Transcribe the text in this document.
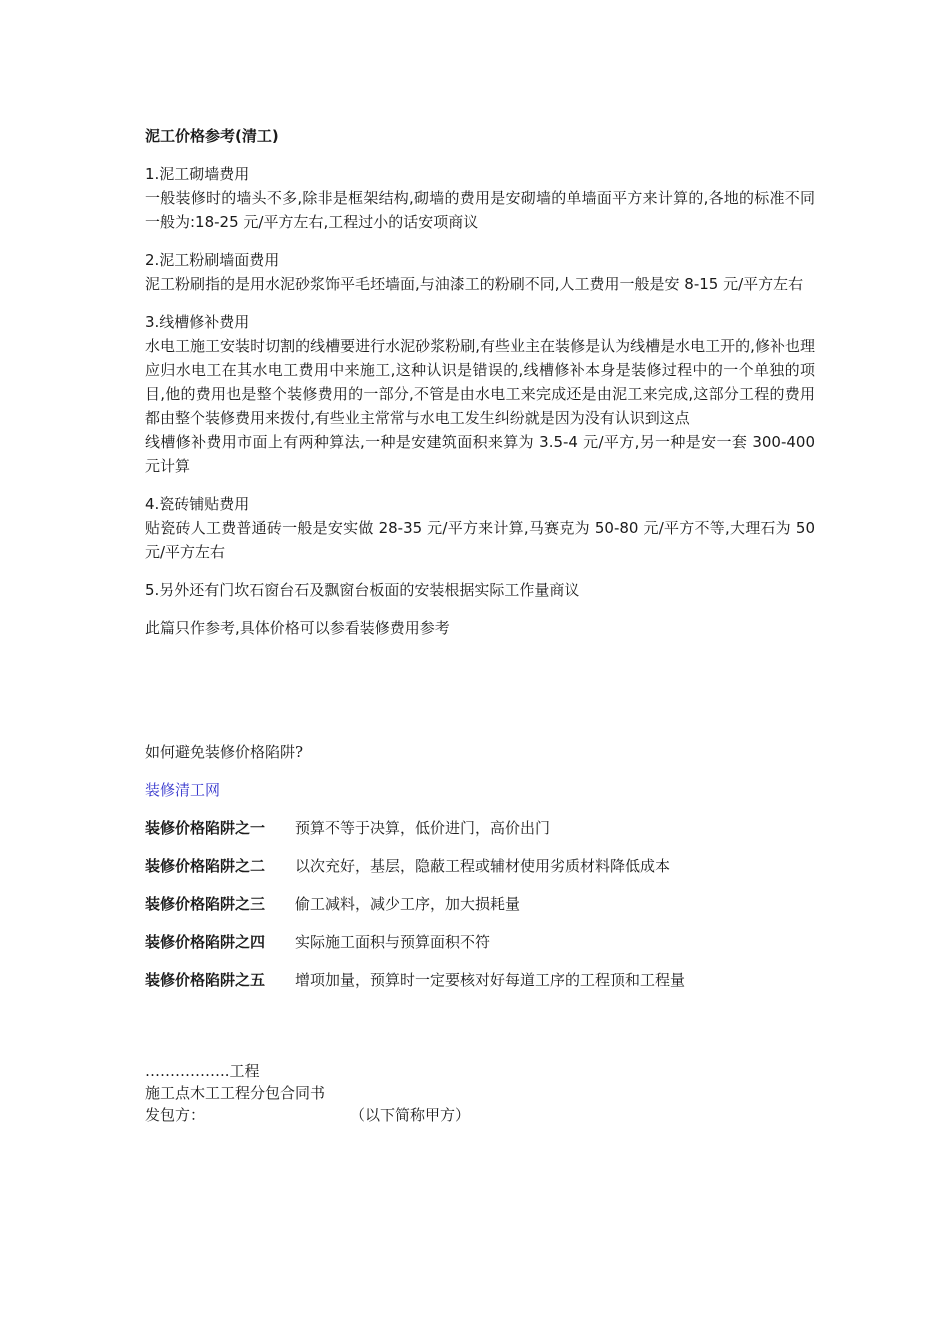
泥工价格参考(清工)
1.泥工砌墙费用
一般装修时的墙头不多,除非是框架结构,砌墙的费用是安砌墙的单墙面平方来计算的,各地的标准不同一般为:18-25 元/平方左右,工程过小的话安项商议
2.泥工粉刷墙面费用
泥工粉刷指的是用水泥砂浆饰平毛坯墙面,与油漆工的粉刷不同,人工费用一般是安 8-15 元/平方左右
3.线槽修补费用
水电工施工安装时切割的线槽要进行水泥砂浆粉刷,有些业主在装修是认为线槽是水电工开的,修补也理应归水电工在其水电工费用中来施工,这种认识是错误的,线槽修补本身是装修过程中的一个单独的项目,他的费用也是整个装修费用的一部分,不管是由水电工来完成还是由泥工来完成,这部分工程的费用都由整个装修费用来拨付,有些业主常常与水电工发生纠纷就是因为没有认识到这点
线槽修补费用市面上有两种算法,一种是安建筑面积来算为 3.5-4 元/平方,另一种是安一套 300-400 元计算
4.瓷砖铺贴费用
贴瓷砖人工费普通砖一般是安实做 28-35 元/平方来计算,马赛克为 50-80 元/平方不等,大理石为 50 元/平方左右
5.另外还有门坎石窗台石及飘窗台板面的安装根据实际工作量商议
此篇只作参考,具体价格可以参看装修费用参考
如何避免装修价格陷阱?
装修清工网
装修价格陷阱之一	预算不等于决算，低价进门，高价出门
装修价格陷阱之二	以次充好，基层，隐蔽工程或辅材使用劣质材料降低成本
装修价格陷阱之三	偷工减料，减少工序，加大损耗量
装修价格陷阱之四	实际施工面积与预算面积不符
装修价格陷阱之五	增项加量，预算时一定要核对好每道工序的工程顶和工程量
……………..工程
施工点木工工程分包合同书
发包方：	（以下简称甲方）
